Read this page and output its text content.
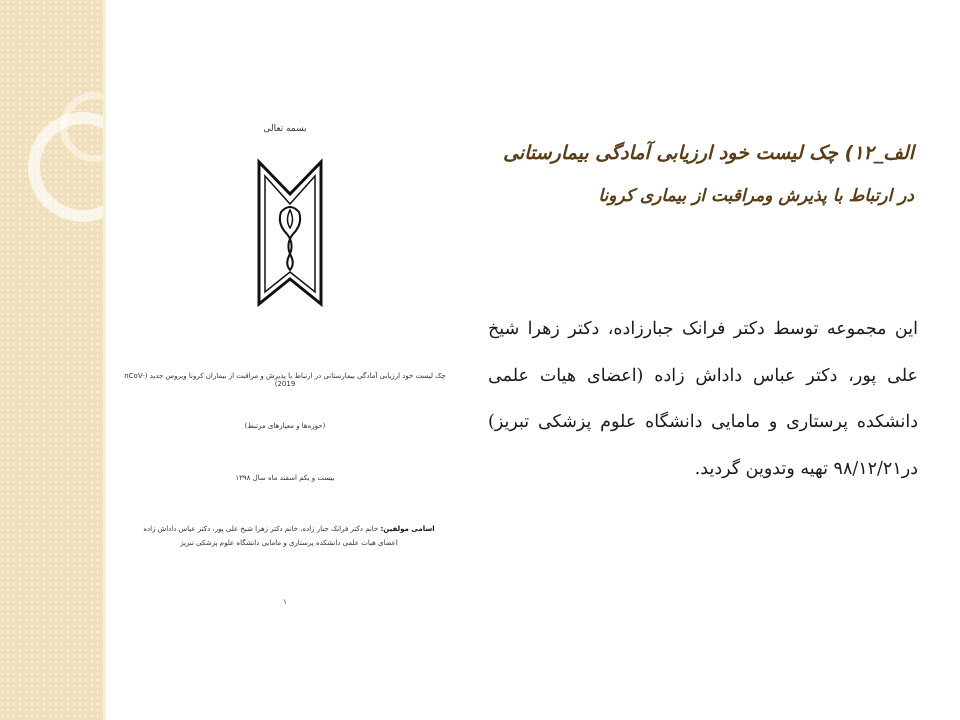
بسمه تعالی
چک لیست خود ارزیابی آمادگی بیمارستانی در ارتباط با پذیرش و مراقبت از بیماران کرونا ویروس جدید (nCoV-2019)
(حوزه‌ها و معیارهای مرتبط)
بیست و یکم اسفند ماه سال ۱۳۹۸
اسامی مولفین: خانم دکتر فرانک جبار زاده، خانم دکتر زهرا شیخ علی پور، دکتر عباس داداش زاده اعضای هیات علمی دانشکده پرستاری و مامایی دانشگاه علوم پزشکی تبریز
۱
الف_۱۲) چک لیست خود ارزیابی آمادگی بیمارستانی
در ارتباط با پذیرش ومراقبت از بیماری کرونا
این مجموعه توسط دکتر فرانک جبارزاده، دکتر زهرا شیخ علی پور، دکتر عباس داداش زاده (اعضای هیات علمی دانشکده پرستاری و مامایی دانشگاه علوم پزشکی تبریز) در۹۸/۱۲/۲۱ تهیه وتدوین گردید.
